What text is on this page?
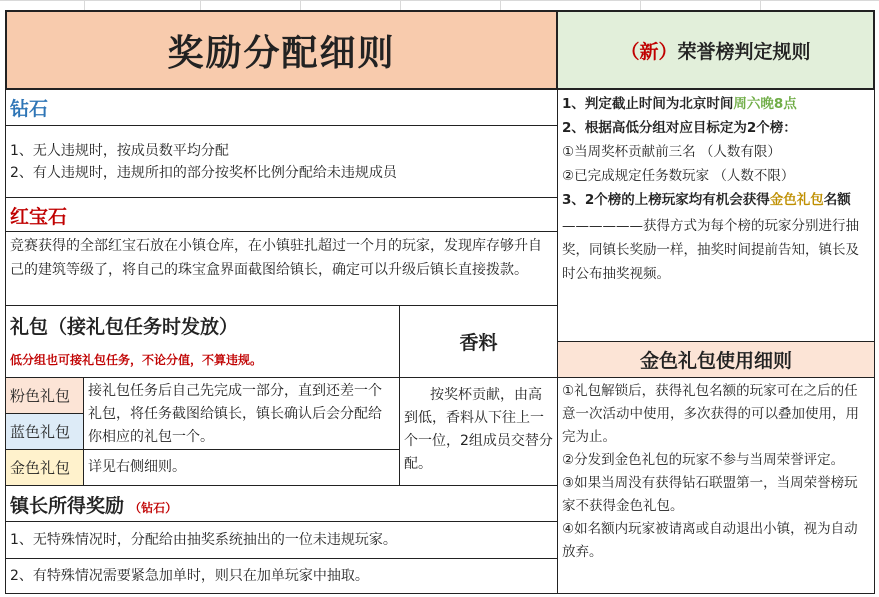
奖励分配细则	（新） 荣誉榜判定规则
钻石
1、无人违规时，按成员数平均分配
2、有人违规时，违规所扣的部分按奖杯比例分配给未违规成员
红宝石
竞赛获得的全部红宝石放在小镇仓库，在小镇驻扎超过一个月的玩家，发现库存够升自己的建筑等级了，将自己的珠宝盒界面截图给镇长，确定可以升级后镇长直接拨款。
礼包（接礼包任务时发放）
低分组也可接礼包任务，不论分值，不算违规。
香料
粉色礼包
蓝色礼包
金色礼包
接礼包任务后自己先完成一部分，直到还差一个礼包，将任务截图给镇长，镇长确认后会分配给你相应的礼包一个。
详见右侧细则。
按奖杯贡献，由高到低，香料从下往上一个一位，2组成员交替分配。
镇长所得奖励 （钻石）
1、无特殊情况时，分配给由抽奖系统抽出的一位未违规玩家。
2、有特殊情况需要紧急加单时，则只在加单玩家中抽取。
1、判定截止时间为北京时间周六晚8点
2、根据高低分组对应目标定为2个榜：
①当周奖杯贡献前三名 （人数有限）
②已完成规定任务数玩家 （人数不限）
3、2个榜的上榜玩家均有机会获得金色礼包名额
——————获得方式为每个榜的玩家分别进行抽奖，同镇长奖励一样，抽奖时间提前告知，镇长及时公布抽奖视频。
金色礼包使用细则
①礼包解锁后，获得礼包名额的玩家可在之后的任意一次活动中使用，多次获得的可以叠加使用，用完为止。
②分发到金色礼包的玩家不参与当周荣誉评定。
③如果当周没有获得钻石联盟第一，当周荣誉榜玩家不获得金色礼包。
④如名额内玩家被请离或自动退出小镇，视为自动放弃。
